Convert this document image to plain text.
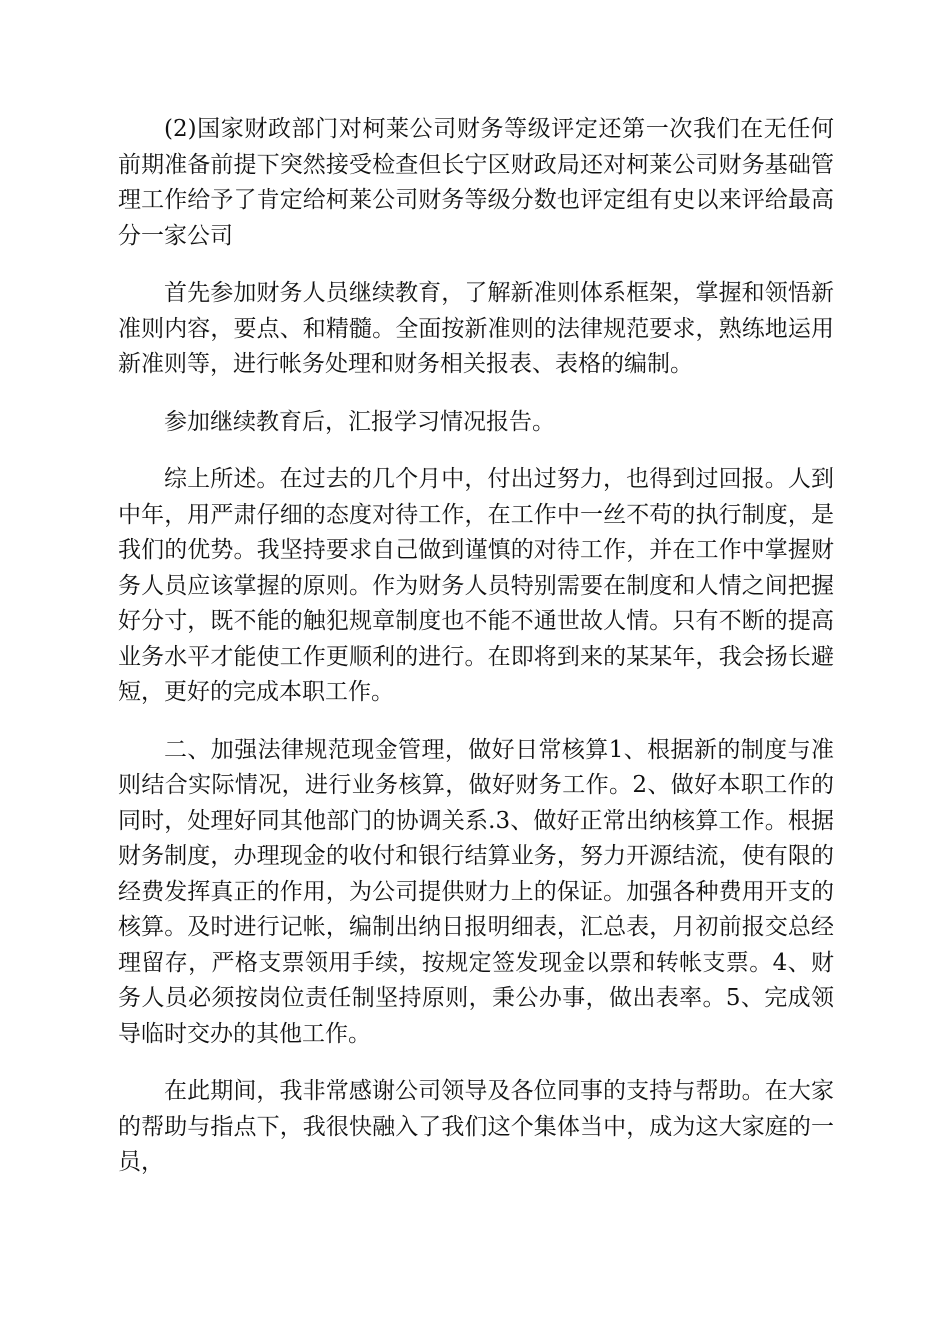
(2)国家财政部门对柯莱公司财务等级评定还第一次我们在无任何前期准备前提下突然接受检查但长宁区财政局还对柯莱公司财务基础管理工作给予了肯定给柯莱公司财务等级分数也评定组有史以来评给最高分一家公司

首先参加财务人员继续教育，了解新准则体系框架，掌握和领悟新准则内容，要点、和精髓。全面按新准则的法律规范要求，熟练地运用新准则等，进行帐务处理和财务相关报表、表格的编制。

参加继续教育后，汇报学习情况报告。

综上所述。在过去的几个月中，付出过努力，也得到过回报。人到中年，用严肃仔细的态度对待工作，在工作中一丝不苟的执行制度，是我们的优势。我坚持要求自己做到谨慎的对待工作，并在工作中掌握财务人员应该掌握的原则。作为财务人员特别需要在制度和人情之间把握好分寸，既不能的触犯规章制度也不能不通世故人情。只有不断的提高业务水平才能使工作更顺利的进行。在即将到来的某某年，我会扬长避短，更好的完成本职工作。

二、加强法律规范现金管理，做好日常核算1、根据新的制度与准则结合实际情况，进行业务核算，做好财务工作。2、做好本职工作的同时，处理好同其他部门的协调关系.3、做好正常出纳核算工作。根据财务制度，办理现金的收付和银行结算业务，努力开源结流，使有限的经费发挥真正的作用，为公司提供财力上的保证。加强各种费用开支的核算。及时进行记帐，编制出纳日报明细表，汇总表，月初前报交总经理留存，严格支票领用手续，按规定签发现金以票和转帐支票。4、财务人员必须按岗位责任制坚持原则，秉公办事，做出表率。5、完成领导临时交办的其他工作。

在此期间，我非常感谢公司领导及各位同事的支持与帮助。在大家的帮助与指点下，我很快融入了我们这个集体当中，成为这大家庭的一员，
